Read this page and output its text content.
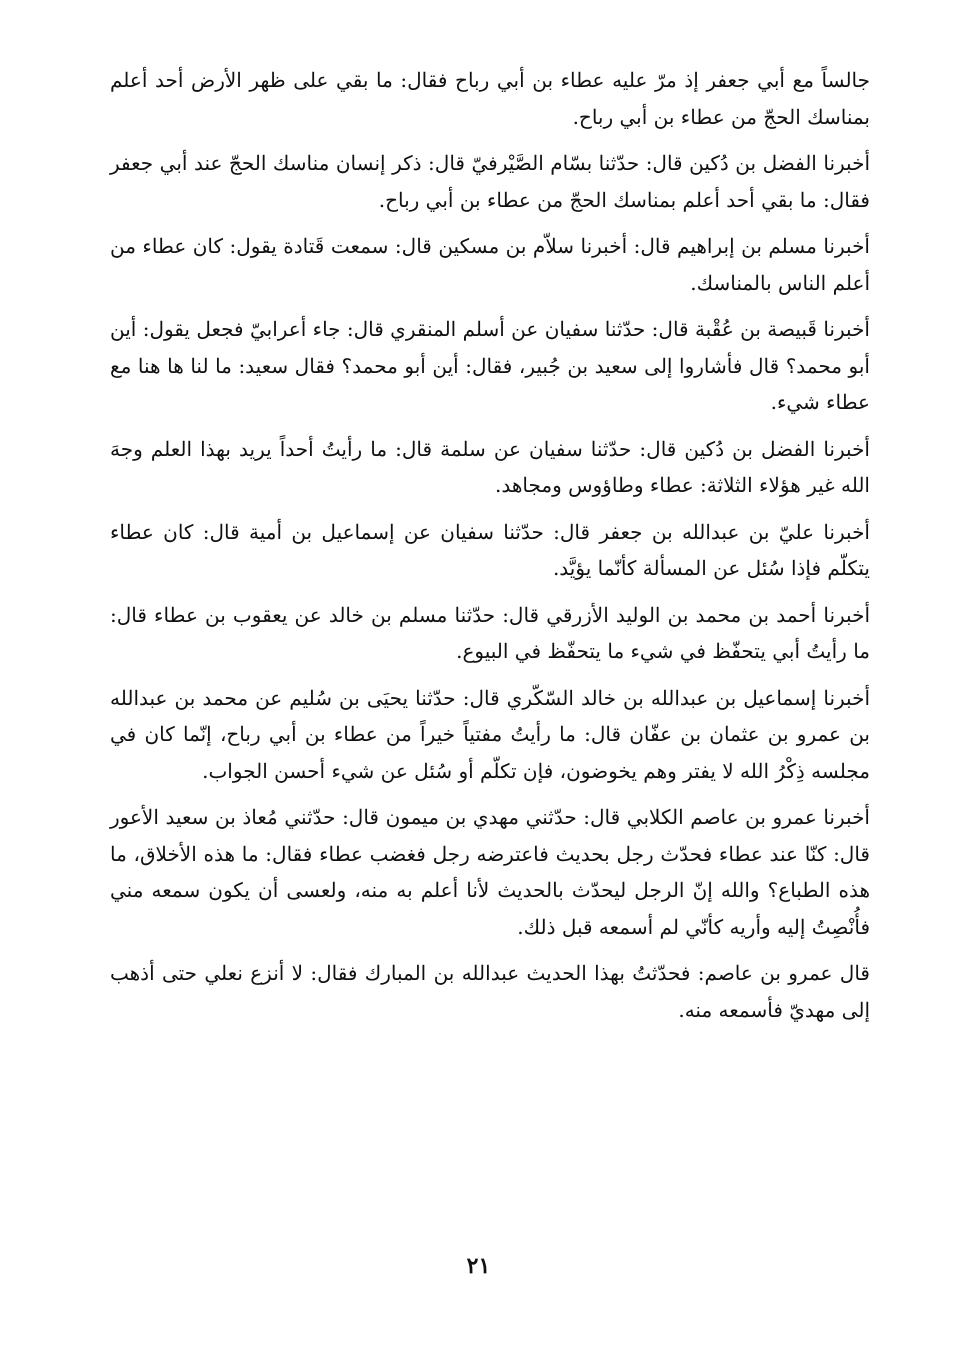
جالساً مع أبي جعفر إذ مرّ عليه عطاء بن أبي رباح فقال: ما بقي على ظهر الأرض أحد أعلم بمناسك الحجّ من عطاء بن أبي رباح.

أخبرنا الفضل بن دُكين قال: حدّثنا بسّام الصَّيْرفيّ قال: ذكر إنسان مناسك الحجّ عند أبي جعفر فقال: ما بقي أحد أعلم بمناسك الحجّ من عطاء بن أبي رباح.

أخبرنا مسلم بن إبراهيم قال: أخبرنا سلاّم بن مسكين قال: سمعت قَتادة يقول: كان عطاء من أعلم الناس بالمناسك.

أخبرنا قَبيصة بن عُقْبة قال: حدّثنا سفيان عن أسلم المنقري قال: جاء أعرابيّ فجعل يقول: أين أبو محمد؟ قال فأشاروا إلى سعيد بن جُبير، فقال: أين أبو محمد؟ فقال سعيد: ما لنا ها هنا مع عطاء شيء.

أخبرنا الفضل بن دُكين قال: حدّثنا سفيان عن سلمة قال: ما رأيتُ أحداً يريد بهذا العلم وجهَ الله غير هؤلاء الثلاثة: عطاء وطاؤوس ومجاهد.

أخبرنا عليّ بن عبدالله بن جعفر قال: حدّثنا سفيان عن إسماعيل بن أمية قال: كان عطاء يتكلّم فإذا سُئل عن المسألة كأنّما يؤيَّد.

أخبرنا أحمد بن محمد بن الوليد الأزرقي قال: حدّثنا مسلم بن خالد عن يعقوب بن عطاء قال: ما رأيتُ أبي يتحفّظ في شيء ما يتحفّظ في البيوع.

أخبرنا إسماعيل بن عبدالله بن خالد السّكّري قال: حدّثنا يحيَى بن سُليم عن محمد بن عبدالله بن عمرو بن عثمان بن عفّان قال: ما رأيتُ مفتياً خيراً من عطاء بن أبي رباح، إنّما كان في مجلسه ذِكْرُ الله لا يفتر وهم يخوضون، فإن تكلّم أو سُئل عن شيء أحسن الجواب.

أخبرنا عمرو بن عاصم الكلابي قال: حدّثني مهدي بن ميمون قال: حدّثني مُعاذ بن سعيد الأعور قال: كنّا عند عطاء فحدّث رجل بحديث فاعترضه رجل فغضب عطاء فقال: ما هذه الأخلاق، ما هذه الطباع؟ والله إنّ الرجل ليحدّث بالحديث لأنا أعلم به منه، ولعسى أن يكون سمعه مني فأُنْصِتُ إليه وأريه كأنّي لم أسمعه قبل ذلك.

قال عمرو بن عاصم: فحدّثتُ بهذا الحديث عبدالله بن المبارك فقال: لا أنزع نعلي حتى أذهب إلى مهديّ فأسمعه منه.

٢١
